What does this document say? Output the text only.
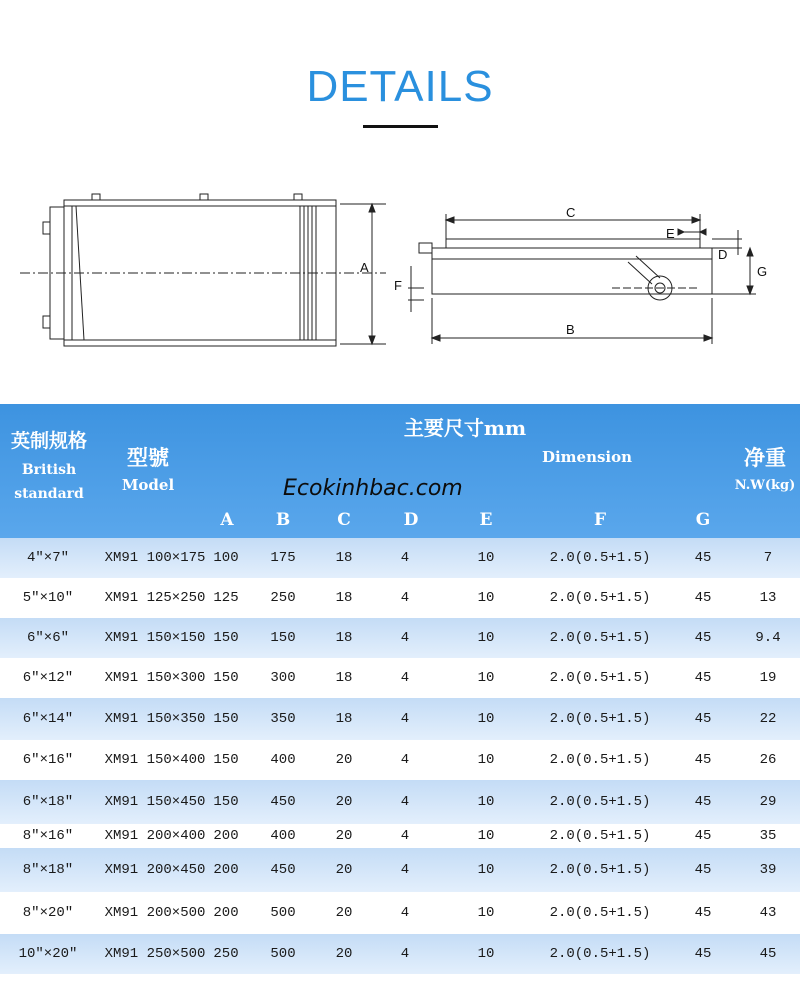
DETAILS
A
C
B
E
D
G
F
英制规格
British
standard
型號
Model
主要尺寸mm
Dimension	净重
N.W(kg)
A	B	C	D	E	F	G
Ecokinhbac.com
4″×7″	XM91 100×175 100	175	18	4	10	2.0(0.5+1.5)	45	7
5″×10″	XM91 125×250 125	250	18	4	10	2.0(0.5+1.5)	45	13
6″×6″	XM91 150×150 150	150	18	4	10	2.0(0.5+1.5)	45	9.4
6″×12″	XM91 150×300 150	300	18	4	10	2.0(0.5+1.5)	45	19
6″×14″	XM91 150×350 150	350	18	4	10	2.0(0.5+1.5)	45	22
6″×16″	XM91 150×400 150	400	20	4	10	2.0(0.5+1.5)	45	26
6″×18″	XM91 150×450 150	450	20	4	10	2.0(0.5+1.5)	45	29
8″×16″	XM91 200×400 200	400	20	4	10	2.0(0.5+1.5)	45	35
8″×18″	XM91 200×450 200	450	20	4	10	2.0(0.5+1.5)	45	39
8″×20″	XM91 200×500 200	500	20	4	10	2.0(0.5+1.5)	45	43
10″×20″	XM91 250×500 250	500	20	4	10	2.0(0.5+1.5)	45	45
